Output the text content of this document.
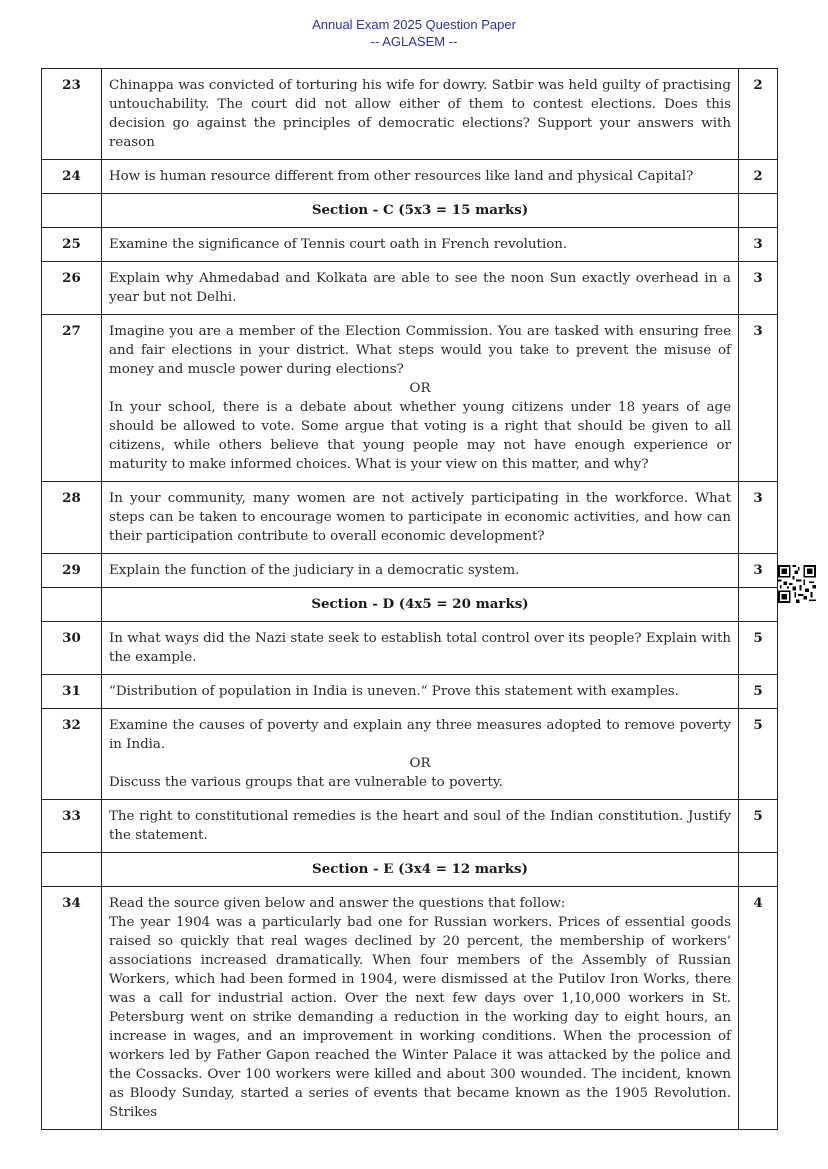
Annual Exam 2025 Question Paper
-- AGLASEM --
23	Chinappa was convicted of torturing his wife for dowry. Satbir was held guilty of practising untouchability. The court did not allow either of them to contest elections. Does this decision go against the principles of democratic elections? Support your answers with reason	2
24	How is human resource different from other resources like land and physical Capital?	2
	Section - C (5x3 = 15 marks)	
25	Examine the significance of Tennis court oath in French revolution.	3
26	Explain why Ahmedabad and Kolkata are able to see the noon Sun exactly overhead in a year but not Delhi.	3
27	Imagine you are a member of the Election Commission. You are tasked with ensuring free and fair elections in your district. What steps would you take to prevent the misuse of money and muscle power during elections?
OR
In your school, there is a debate about whether young citizens under 18 years of age should be allowed to vote. Some argue that voting is a right that should be given to all citizens, while others believe that young people may not have enough experience or maturity to make informed choices. What is your view on this matter, and why?	3
28	In your community, many women are not actively participating in the workforce. What steps can be taken to encourage women to participate in economic activities, and how can their participation contribute to overall economic development?	3
29	Explain the function of the judiciary in a democratic system.	3
	Section - D (4x5 = 20 marks)	
30	In what ways did the Nazi state seek to establish total control over its people? Explain with the example.	5
31	“Distribution of population in India is uneven.“ Prove this statement with examples.	5
32	Examine the causes of poverty and explain any three measures adopted to remove poverty in India.
OR
Discuss the various groups that are vulnerable to poverty.	5
33	The right to constitutional remedies is the heart and soul of the Indian constitution. Justify the statement.	5
	Section - E (3x4 = 12 marks)	
34	Read the source given below and answer the questions that follow:
The year 1904 was a particularly bad one for Russian workers. Prices of essential goods raised so quickly that real wages declined by 20 percent, the membership of workers’ associations increased dramatically. When four members of the Assembly of Russian Workers, which had been formed in 1904, were dismissed at the Putilov Iron Works, there was a call for industrial action. Over the next few days over 1,10,000 workers in St. Petersburg went on strike demanding a reduction in the working day to eight hours, an increase in wages, and an improvement in working conditions. When the procession of workers led by Father Gapon reached the Winter Palace it was attacked by the police and the Cossacks. Over 100 workers were killed and about 300 wounded. The incident, known as Bloody Sunday, started a series of events that became known as the 1905 Revolution. Strikes	4
